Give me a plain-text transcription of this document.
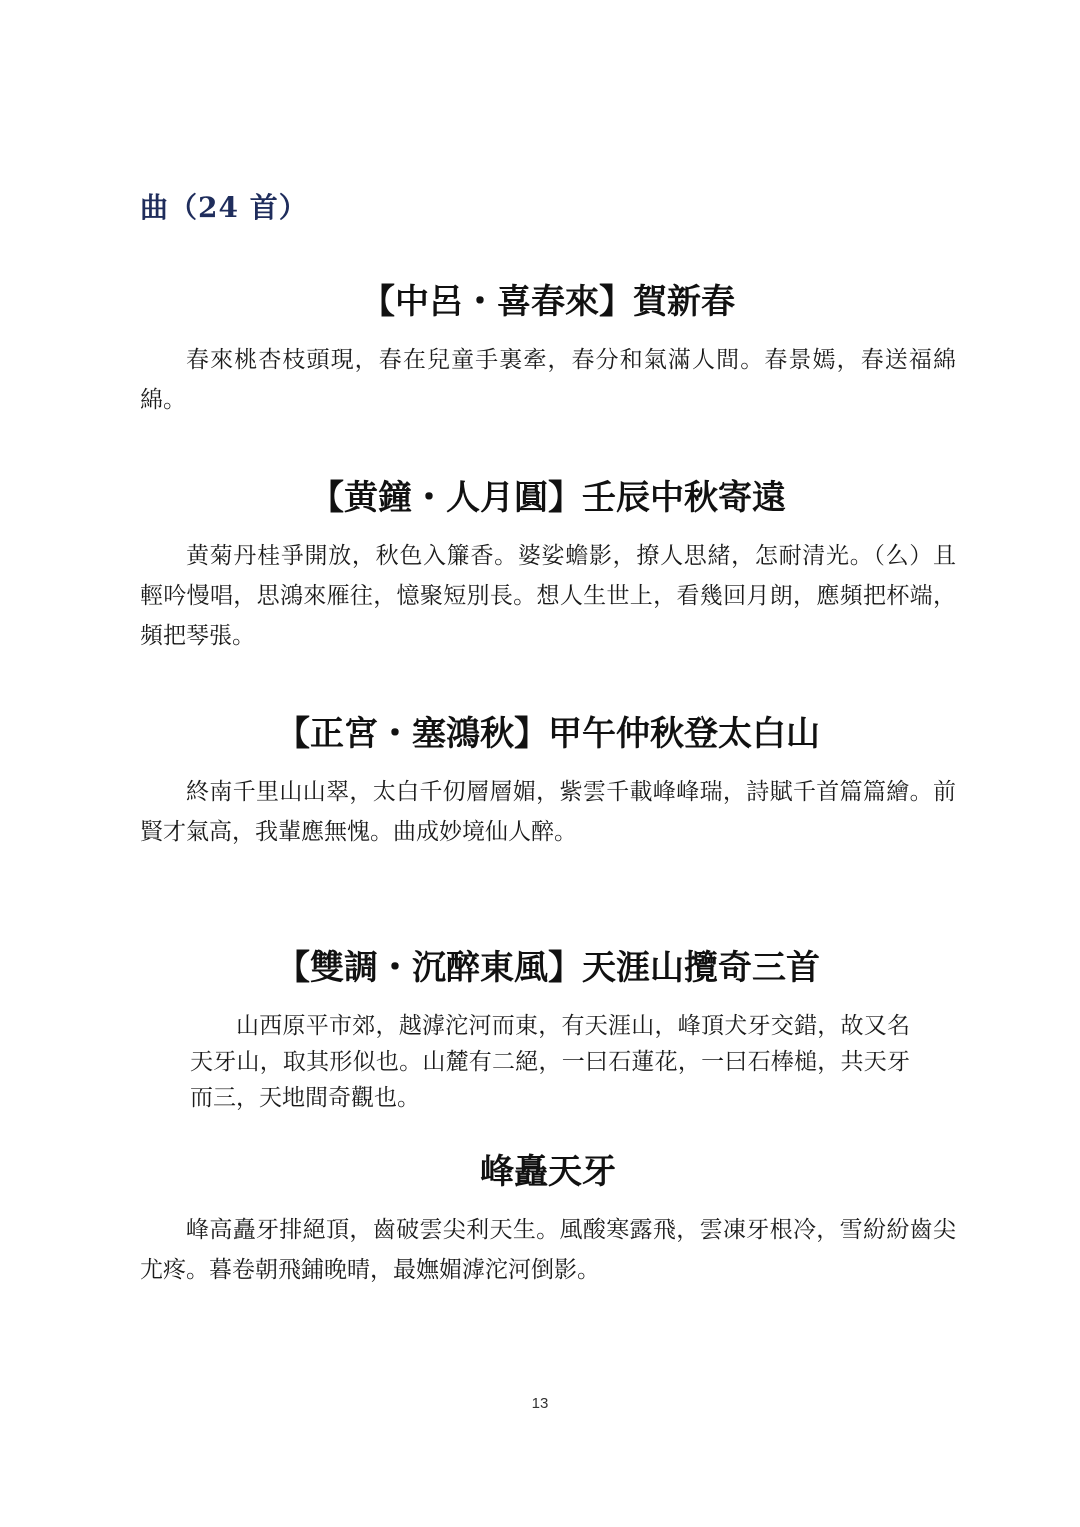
曲（24 首）
【中呂・喜春來】賀新春
春來桃杏枝頭現，春在兒童手裏牽，春分和氣滿人間。春景嫣，春送福綿綿。
【黄鐘・人月圓】壬辰中秋寄遠
黄菊丹桂爭開放，秋色入簾香。婆娑蟾影，撩人思緒，怎耐清光。（么）且輕吟慢唱，思鴻來雁往，憶聚短別長。想人生世上，看幾回月朗，應頻把杯端，頻把琴張。
【正宮・塞鴻秋】甲午仲秋登太白山
終南千里山山翠，太白千仞層層媚，紫雲千載峰峰瑞，詩賦千首篇篇繪。前賢才氣高，我輩應無愧。曲成妙境仙人醉。
【雙調・沉醉東風】天涯山攬奇三首
山西原平市郊，越滹沱河而東，有天涯山，峰頂犬牙交錯，故又名天牙山，取其形似也。山麓有二絕，一曰石蓮花，一曰石棒槌，共天牙而三，天地間奇觀也。
峰矗天牙
峰高矗牙排絕頂，齒破雲尖利天生。風酸寒露飛，雲凍牙根冷，雪紛紛齒尖尤疼。暮卷朝飛鋪晚晴，最嫵媚滹沱河倒影。
13
